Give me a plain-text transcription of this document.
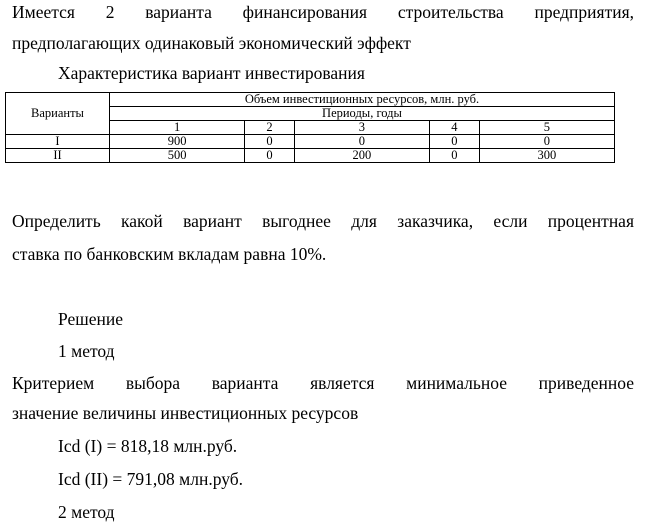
Имеется 2 варианта финансирования строительства предприятия,
предполагающих одинаковый экономический эффект
Характеристика вариант инвестирования
Варианты	Объем инвестиционных ресурсов, млн. руб.				
	Периоды, годы				
	1	2	3	4	5
I	900	0	0	0	0
II	500	0	200	0	300
Определить какой вариант выгоднее для заказчика, если процентная
ставка по банковским вкладам равна 10%.
Решение
1 метод
Критерием выбора варианта является минимальное приведенное
значение величины инвестиционных ресурсов
Icd (I) = 818,18 млн.руб.
Icd (II) = 791,08 млн.руб.
2 метод
